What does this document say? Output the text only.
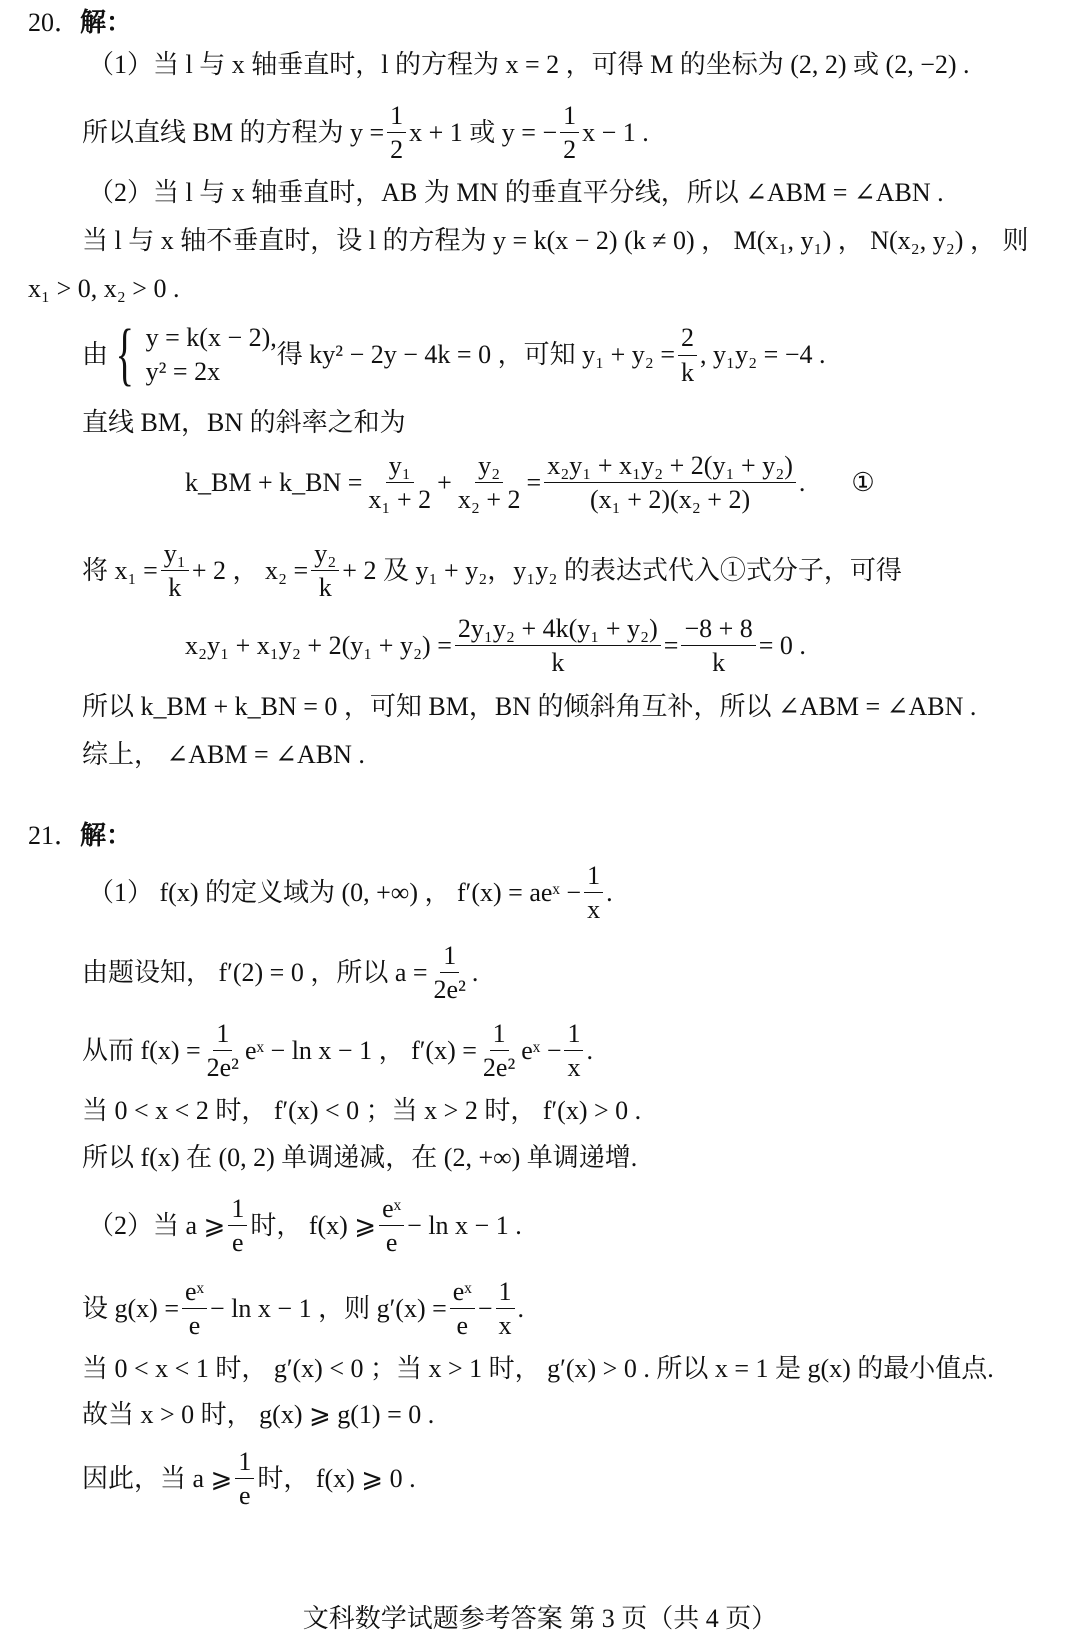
20．解：
（1）当 l 与 x 轴垂直时，l 的方程为 x = 2 ，可得 M 的坐标为 (2, 2) 或 (2, −2) .
所以直线 BM 的方程为 $y = \frac{1}{2}$ x + 1 或 y = − $\frac{1}{2}$ x − 1 .
（2）当 l 与 x 轴垂直时，AB 为 MN 的垂直平分线，所以 ∠ABM = ∠ABN .
当 l 与 x 轴不垂直时，设 l 的方程为 y = k(x − 2) (k ≠ 0) ， M(x₁, y₁) ， N(x₂, y₂) ， 则
x₁ > 0, x₂ > 0 .
由 { y = k(x − 2),
y² = 2x
得 ky² − 2y − 4k = 0 ，可知 $y_1 + y_2 = \frac{2}{k}$ , y₁y₂ = −4 .
直线 BM，BN 的斜率之和为
k_BM + k_BN = $\frac{\text{y₁}}{\text{x₁ + 2}} + \frac{\text{y₂}}{\text{x₂ + 2}} = \frac{\text{x₂y₁ + x₁y₂ + 2(y₁ + y₂)}}{\text{(x₁ + 2)(x₂ + 2)}}$ . ①
将 $x_1 = \frac{\text{y₁}}{k} + 2$ ， $x_2 = \frac{\text{y₂}}{k} + 2$ 及 y₁ + y₂，y₁y₂ 的表达式代入①式分子，可得
$x_2y_1 + x_1y_2 + 2(y_1 + y_2) = \frac{\text{2y₁y₂ + 4k(y₁ + y₂)}}{k} = \frac{-8 + 8}{k} = 0$ .
所以 k_BM + k_BN = 0 ，可知 BM，BN 的倾斜角互补，所以 ∠ABM = ∠ABN .
综上， ∠ABM = ∠ABN .
21．解：
（1） f(x) 的定义域为 (0, +∞) ， f′(x) = aeˣ − $\frac{1}{x}$ .
由题设知， f′(2) = 0 ，所以 $a = \frac{1}{\text{2e²}}$ .
从而 $f(x) = \frac{1}{\text{2e²}}$ eˣ − ln x − 1 ， $f'(x) = \frac{1}{\text{2e²}}$ eˣ − $\frac{1}{x}$ .
当 0 < x < 2 时， f′(x) < 0 ；当 x > 2 时， f′(x) > 0 .
所以 f(x) 在 (0, 2) 单调递减，在 (2, +∞) 单调递增.
（2）当 a ⩾ $\frac{1}{e}$ 时， f(x) ⩾ $\frac{\text{eˣ}}{e} - \ln x - 1$ .
设 $g(x) = \frac{\text{eˣ}}{e} - \ln x - 1$ ，则 $g'(x) = \frac{\text{eˣ}}{e} - \frac{1}{x}$ .
当 0 < x < 1 时， g′(x) < 0 ；当 x > 1 时， g′(x) > 0 . 所以 x = 1 是 g(x) 的最小值点.
故当 x > 0 时， g(x) ⩾ g(1) = 0 .
因此，当 a ⩾ $\frac{1}{e}$ 时， f(x) ⩾ 0 .
文科数学试题参考答案 第 3 页（共 4 页）
